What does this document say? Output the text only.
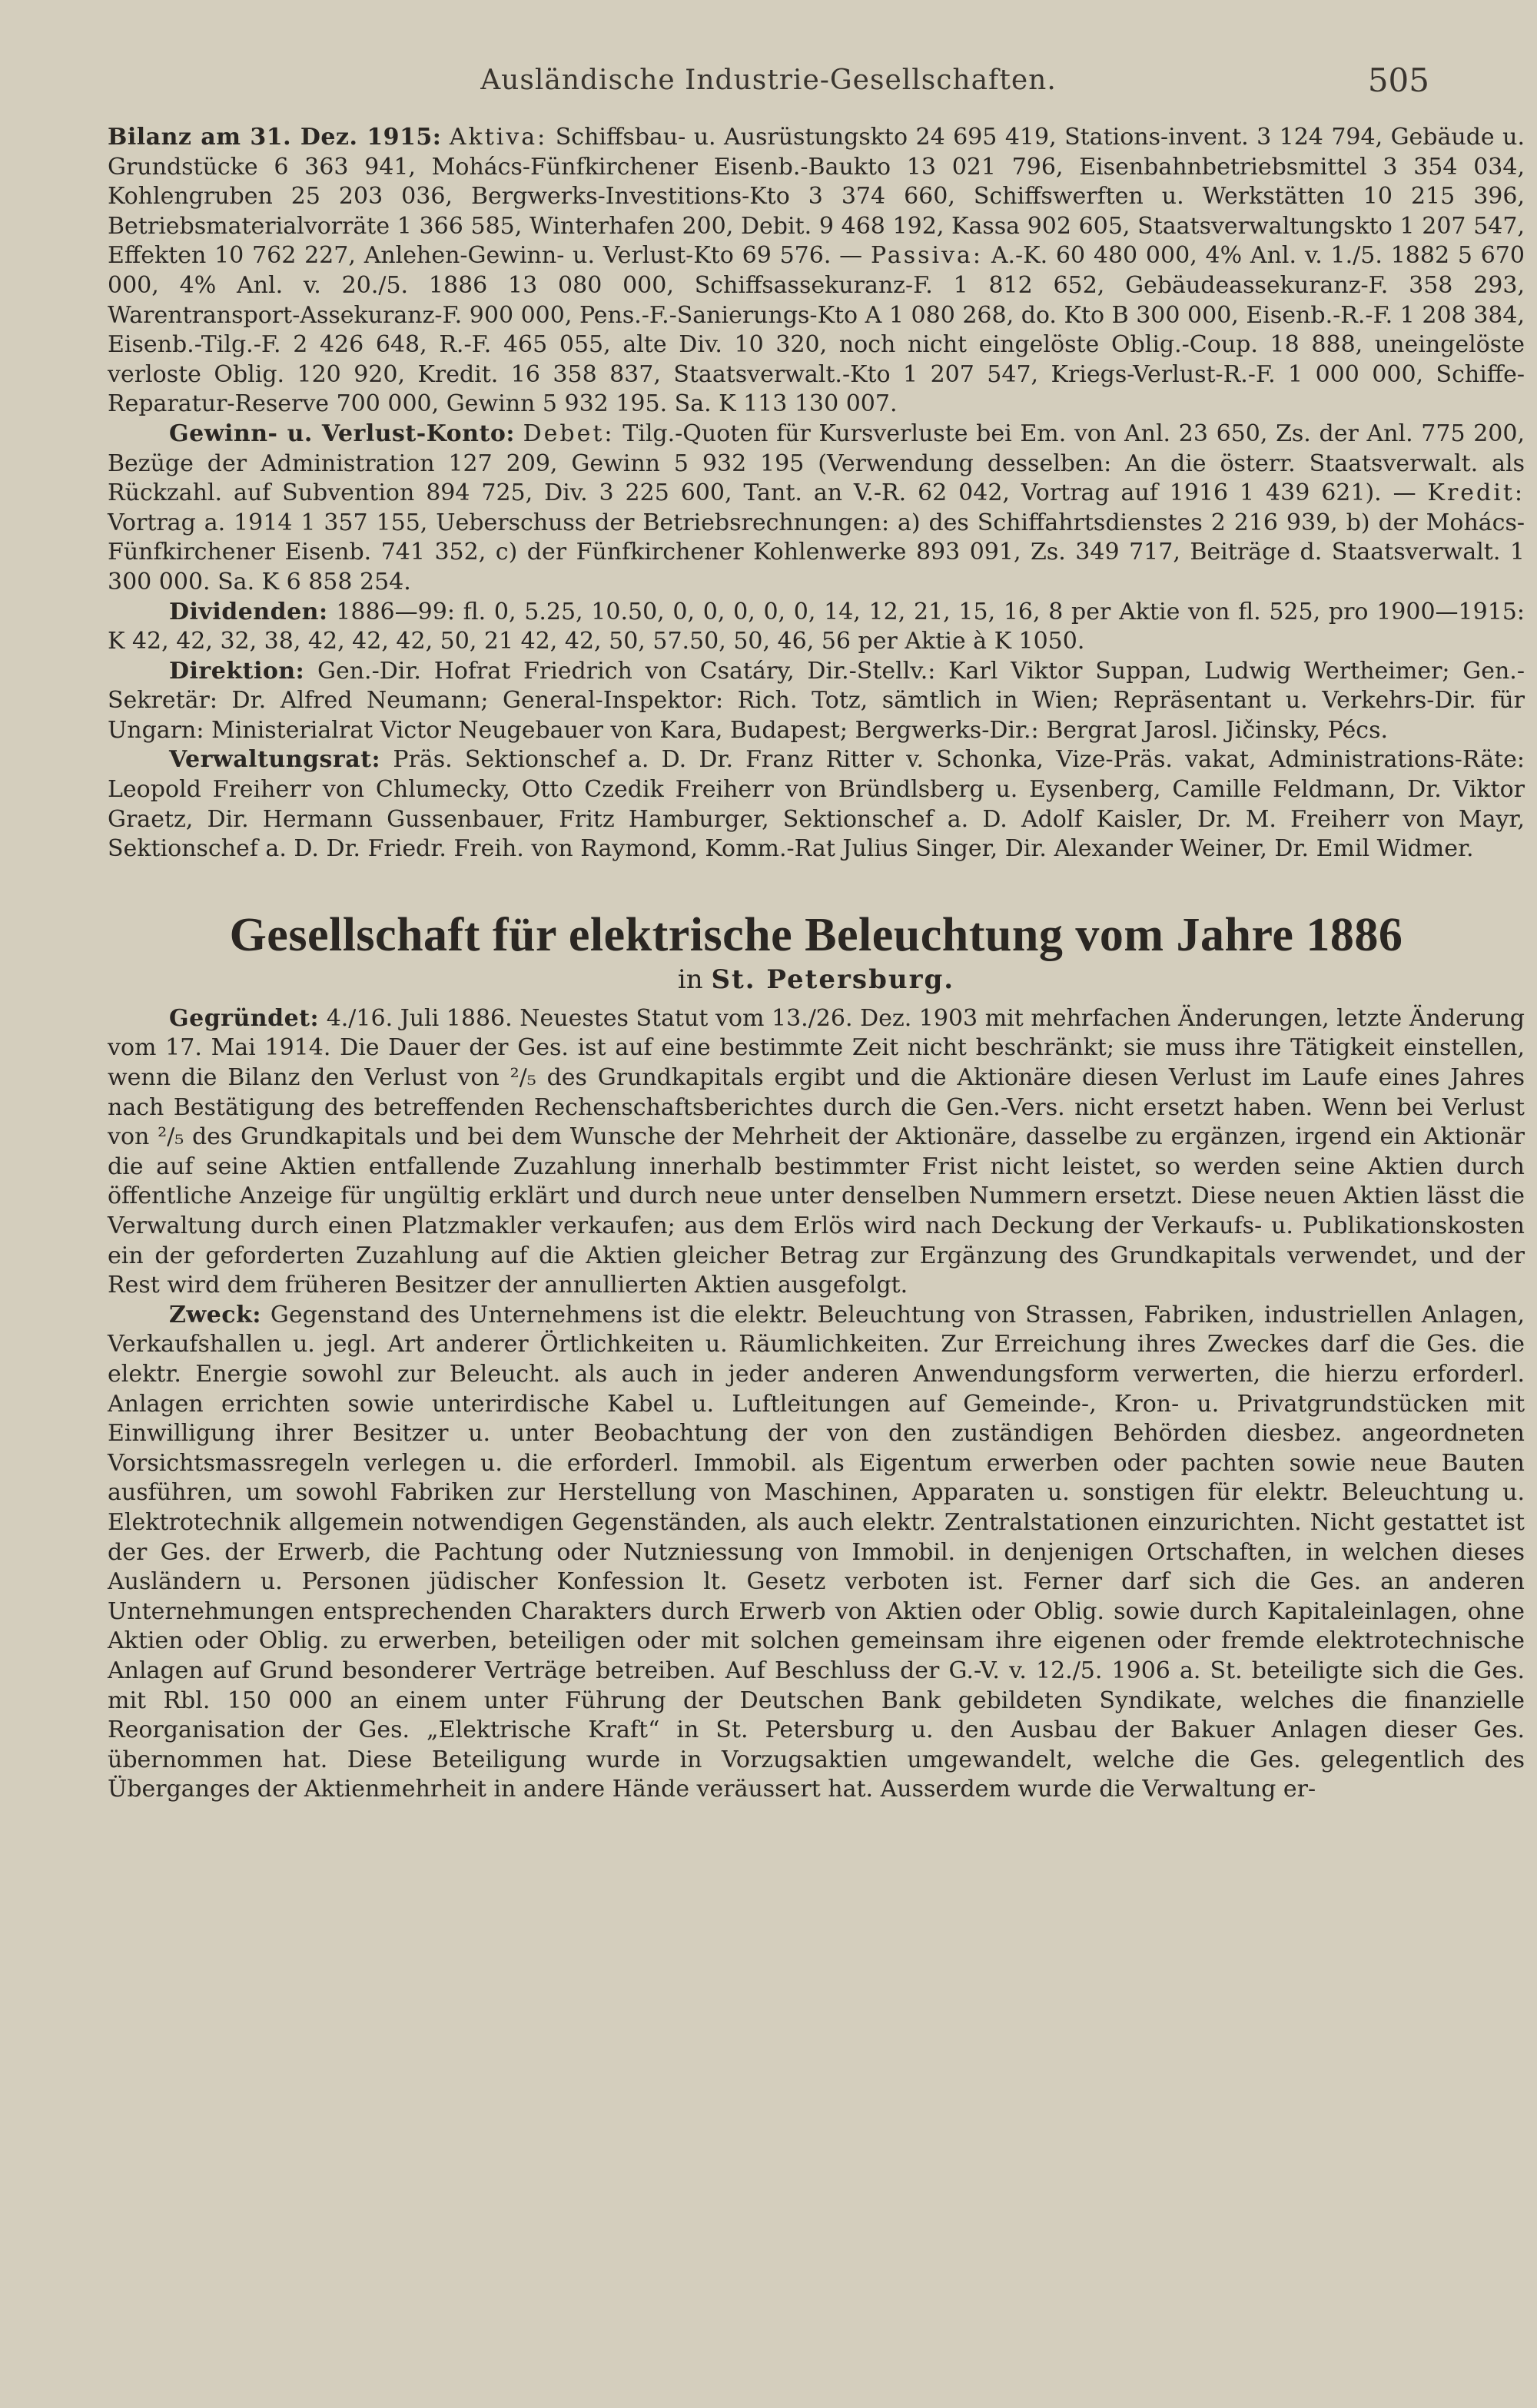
Ausländische Industrie-Gesellschaften.	505

Bilanz am 31. Dez. 1915: Aktiva: Schiffsbau- u. Ausrüstungskto 24 695 419, Stations-invent. 3 124 794, Gebäude u. Grundstücke 6 363 941, Mohács-Fünfkirchener Eisenb.-Baukto 13 021 796, Eisenbahnbetriebsmittel 3 354 034, Kohlengruben 25 203 036, Bergwerks-Investitions-Kto 3 374 660, Schiffswerften u. Werkstätten 10 215 396, Betriebsmaterialvorräte 1 366 585, Winterhafen 200, Debit. 9 468 192, Kassa 902 605, Staatsverwaltungskto 1 207 547, Effekten 10 762 227, Anlehen-Gewinn- u. Verlust-Kto 69 576. — Passiva: A.-K. 60 480 000, 4% Anl. v. 1./5. 1882 5 670 000, 4% Anl. v. 20./5. 1886 13 080 000, Schiffsassekuranz-F. 1 812 652, Gebäudeassekuranz-F. 358 293, Warentransport-Assekuranz-F. 900 000, Pens.-F.-Sanierungs-Kto A 1 080 268, do. Kto B 300 000, Eisenb.-R.-F. 1 208 384, Eisenb.-Tilg.-F. 2 426 648, R.-F. 465 055, alte Div. 10 320, noch nicht eingelöste Oblig.-Coup. 18 888, uneingelöste verloste Oblig. 120 920, Kredit. 16 358 837, Staatsverwalt.-Kto 1 207 547, Kriegs-Verlust-R.-F. 1 000 000, Schiffe-Reparatur-Reserve 700 000, Gewinn 5 932 195. Sa. K 113 130 007.

Gewinn- u. Verlust-Konto: Debet: Tilg.-Quoten für Kursverluste bei Em. von Anl. 23 650, Zs. der Anl. 775 200, Bezüge der Administration 127 209, Gewinn 5 932 195 (Verwendung desselben: An die österr. Staatsverwalt. als Rückzahl. auf Subvention 894 725, Div. 3 225 600, Tant. an V.-R. 62 042, Vortrag auf 1916 1 439 621). — Kredit: Vortrag a. 1914 1 357 155, Ueberschuss der Betriebsrechnungen: a) des Schiffahrtsdienstes 2 216 939, b) der Mohács-Fünfkirchener Eisenb. 741 352, c) der Fünfkirchener Kohlenwerke 893 091, Zs. 349 717, Beiträge d. Staatsverwalt. 1 300 000. Sa. K 6 858 254.

Dividenden: 1886—99: fl. 0, 5.25, 10.50, 0, 0, 0, 0, 0, 14, 12, 21, 15, 16, 8 per Aktie von fl. 525, pro 1900—1915: K 42, 42, 32, 38, 42, 42, 42, 50, 21 42, 42, 50, 57.50, 50, 46, 56 per Aktie à K 1050.

Direktion: Gen.-Dir. Hofrat Friedrich von Csatáry, Dir.-Stellv.: Karl Viktor Suppan, Ludwig Wertheimer; Gen.-Sekretär: Dr. Alfred Neumann; General-Inspektor: Rich. Totz, sämtlich in Wien; Repräsentant u. Verkehrs-Dir. für Ungarn: Ministerialrat Victor Neugebauer von Kara, Budapest; Bergwerks-Dir.: Bergrat Jarosl. Jičinsky, Pécs.

Verwaltungsrat: Präs. Sektionschef a. D. Dr. Franz Ritter v. Schonka, Vize-Präs. vakat, Administrations-Räte: Leopold Freiherr von Chlumecky, Otto Czedik Freiherr von Bründlsberg u. Eysenberg, Camille Feldmann, Dr. Viktor Graetz, Dir. Hermann Gussenbauer, Fritz Hamburger, Sektionschef a. D. Adolf Kaisler, Dr. M. Freiherr von Mayr, Sektionschef a. D. Dr. Friedr. Freih. von Raymond, Komm.-Rat Julius Singer, Dir. Alexander Weiner, Dr. Emil Widmer.

Gesellschaft für elektrische Beleuchtung vom Jahre 1886
in St. Petersburg.

Gegründet: 4./16. Juli 1886. Neuestes Statut vom 13./26. Dez. 1903 mit mehrfachen Änderungen, letzte Änderung vom 17. Mai 1914. Die Dauer der Ges. ist auf eine bestimmte Zeit nicht beschränkt; sie muss ihre Tätigkeit einstellen, wenn die Bilanz den Verlust von ²/₅ des Grundkapitals ergibt und die Aktionäre diesen Verlust im Laufe eines Jahres nach Bestätigung des betreffenden Rechenschaftsberichtes durch die Gen.-Vers. nicht ersetzt haben. Wenn bei Verlust von ²/₅ des Grundkapitals und bei dem Wunsche der Mehrheit der Aktionäre, dasselbe zu ergänzen, irgend ein Aktionär die auf seine Aktien entfallende Zuzahlung innerhalb bestimmter Frist nicht leistet, so werden seine Aktien durch öffentliche Anzeige für ungültig erklärt und durch neue unter denselben Nummern ersetzt. Diese neuen Aktien lässt die Verwaltung durch einen Platzmakler verkaufen; aus dem Erlös wird nach Deckung der Verkaufs- u. Publikationskosten ein der geforderten Zuzahlung auf die Aktien gleicher Betrag zur Ergänzung des Grundkapitals verwendet, und der Rest wird dem früheren Besitzer der annullierten Aktien ausgefolgt.

Zweck: Gegenstand des Unternehmens ist die elektr. Beleuchtung von Strassen, Fabriken, industriellen Anlagen, Verkaufshallen u. jegl. Art anderer Örtlichkeiten u. Räumlichkeiten. Zur Erreichung ihres Zweckes darf die Ges. die elektr. Energie sowohl zur Beleucht. als auch in jeder anderen Anwendungsform verwerten, die hierzu erforderl. Anlagen errichten sowie unterirdische Kabel u. Luftleitungen auf Gemeinde-, Kron- u. Privatgrundstücken mit Einwilligung ihrer Besitzer u. unter Beobachtung der von den zuständigen Behörden diesbez. angeordneten Vorsichtsmassregeln verlegen u. die erforderl. Immobil. als Eigentum erwerben oder pachten sowie neue Bauten ausführen, um sowohl Fabriken zur Herstellung von Maschinen, Apparaten u. sonstigen für elektr. Beleuchtung u. Elektrotechnik allgemein notwendigen Gegenständen, als auch elektr. Zentralstationen einzurichten. Nicht gestattet ist der Ges. der Erwerb, die Pachtung oder Nutzniessung von Immobil. in denjenigen Ortschaften, in welchen dieses Ausländern u. Personen jüdischer Konfession lt. Gesetz verboten ist. Ferner darf sich die Ges. an anderen Unternehmungen entsprechenden Charakters durch Erwerb von Aktien oder Oblig. sowie durch Kapitaleinlagen, ohne Aktien oder Oblig. zu erwerben, beteiligen oder mit solchen gemeinsam ihre eigenen oder fremde elektrotechnische Anlagen auf Grund besonderer Verträge betreiben. Auf Beschluss der G.-V. v. 12./5. 1906 a. St. beteiligte sich die Ges. mit Rbl. 150 000 an einem unter Führung der Deutschen Bank gebildeten Syndikate, welches die finanzielle Reorganisation der Ges. „Elektrische Kraft“ in St. Petersburg u. den Ausbau der Bakuer Anlagen dieser Ges. übernommen hat. Diese Beteiligung wurde in Vorzugsaktien umgewandelt, welche die Ges. gelegentlich des Überganges der Aktienmehrheit in andere Hände veräussert hat. Ausserdem wurde die Verwaltung er-
